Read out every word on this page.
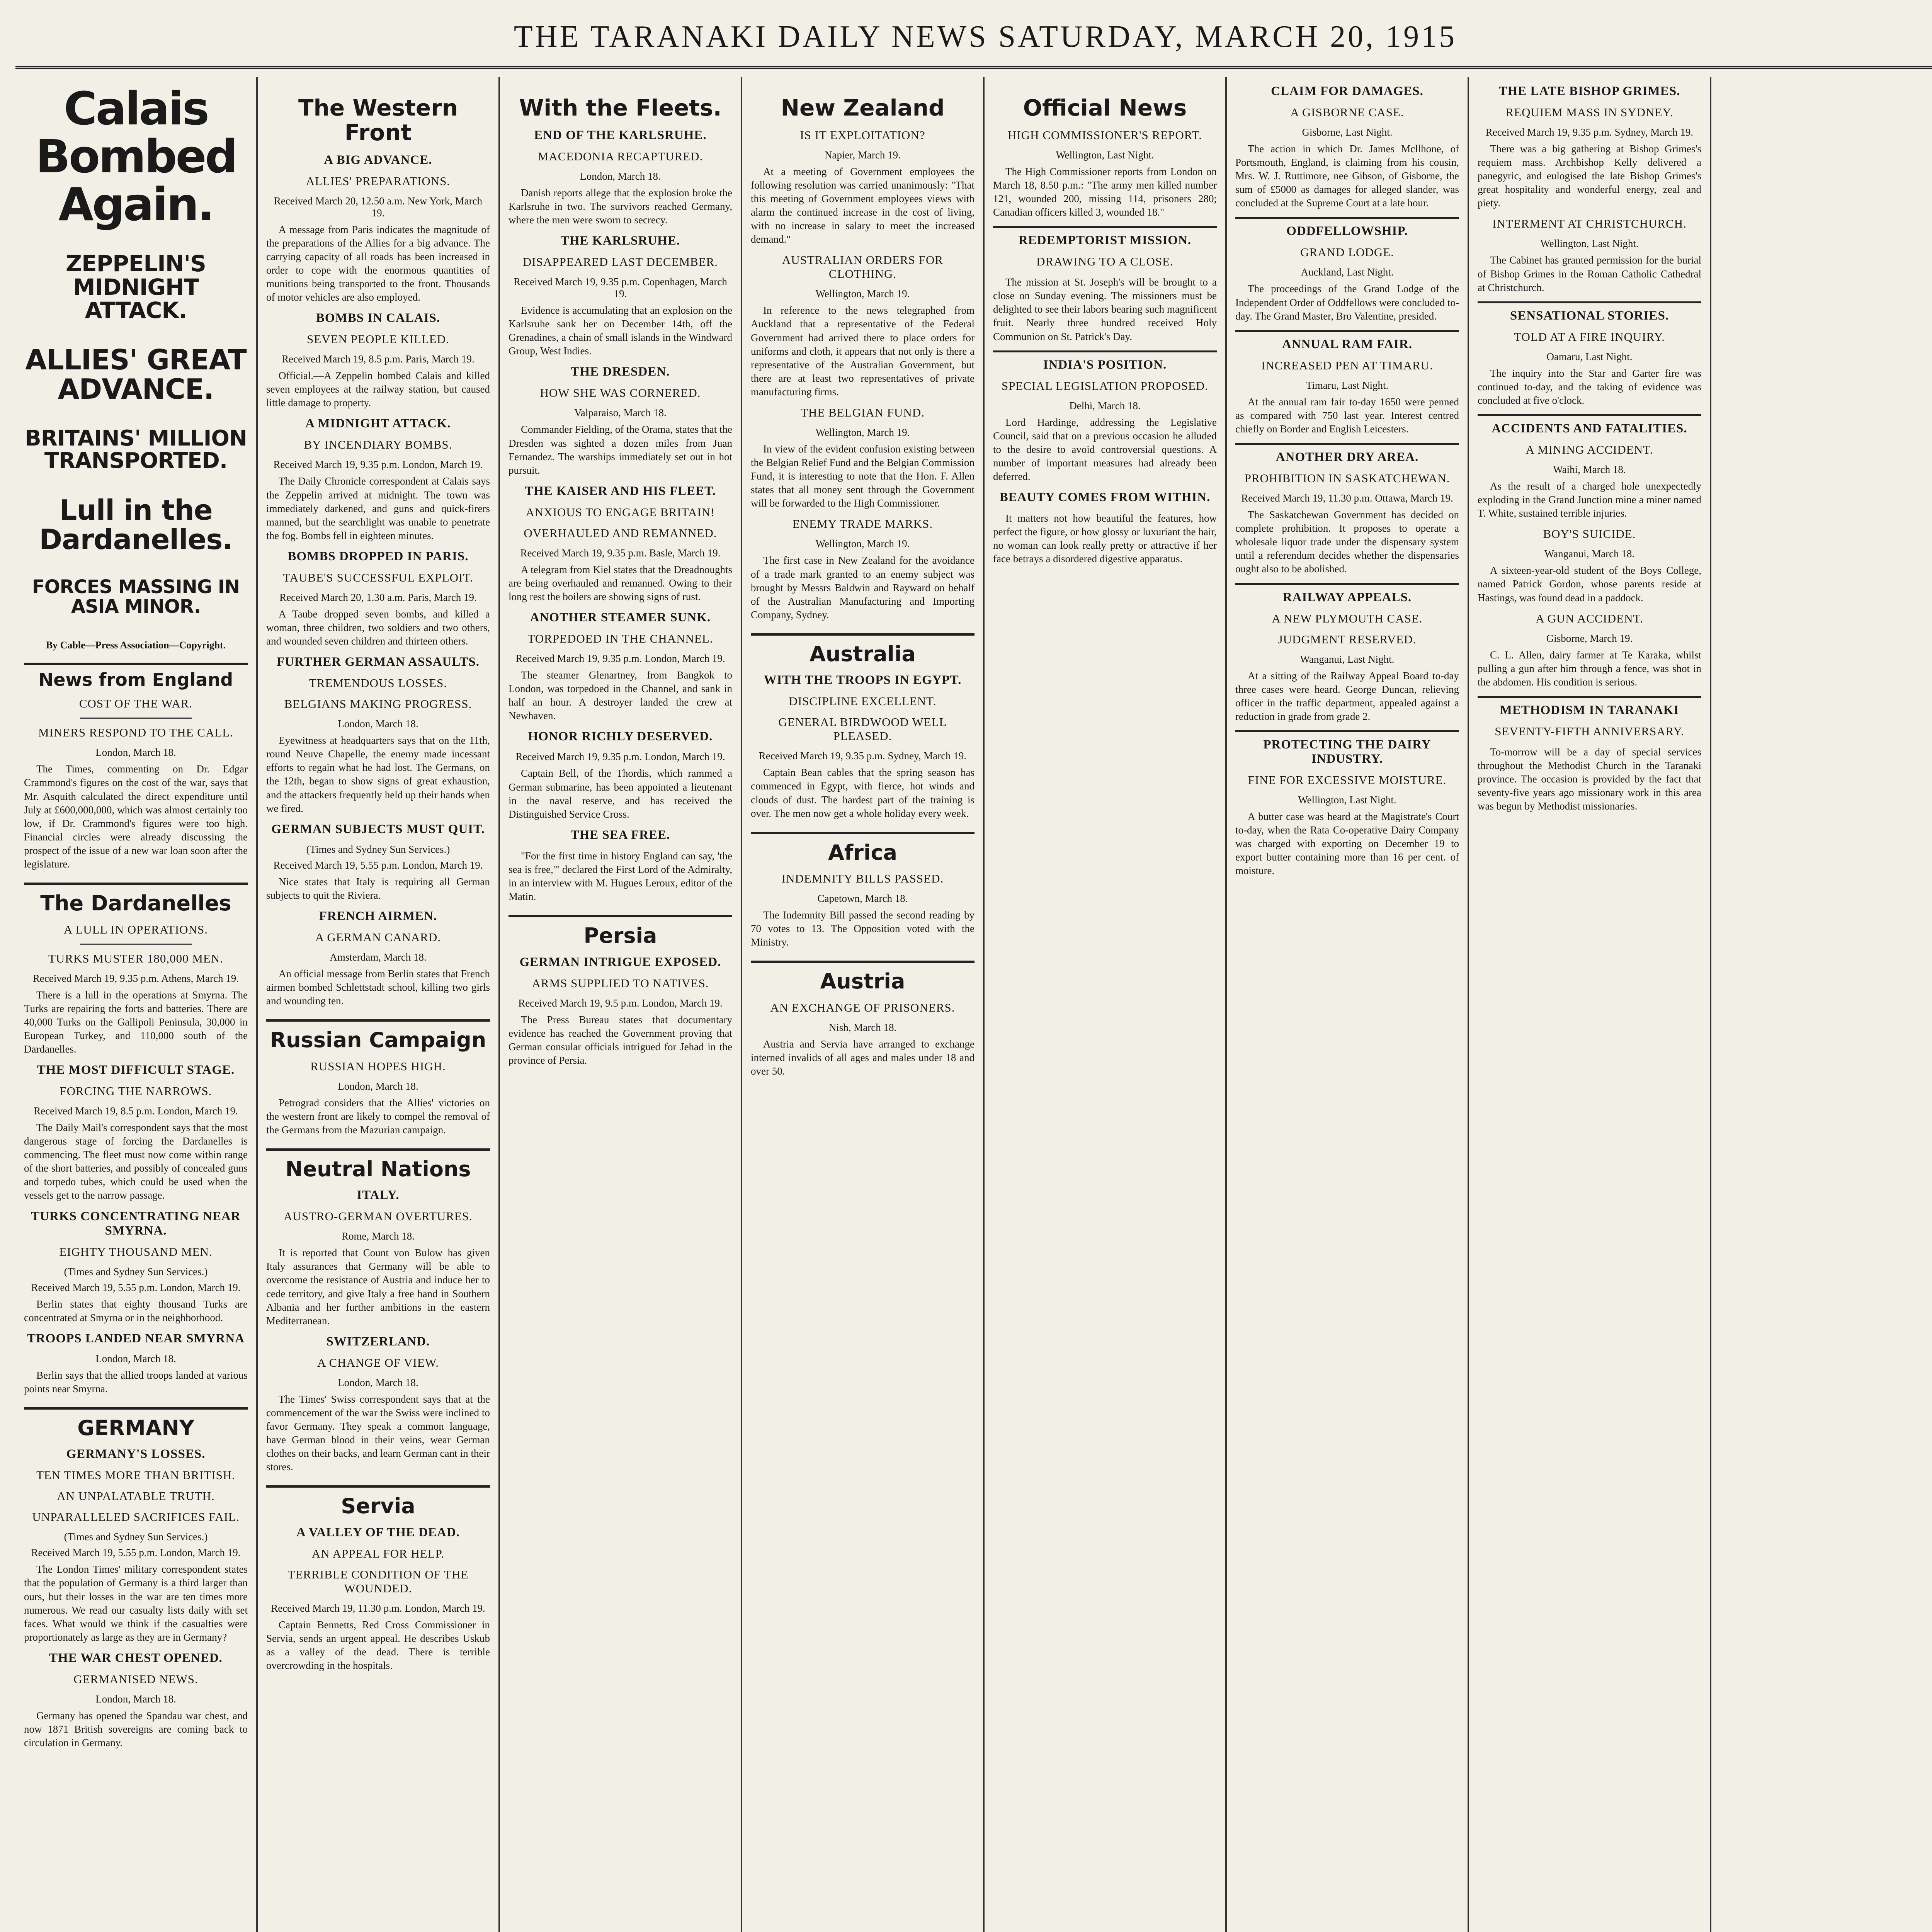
THE TARANAKI DAILY NEWS SATURDAY, MARCH 20, 1915
Calais Bombed Again.
ZEPPELIN'S MIDNIGHT ATTACK.
ALLIES' GREAT ADVANCE.
BRITAINS' MILLION TRANSPORTED.
Lull in the Dardanelles.
FORCES MASSING IN ASIA MINOR.
By Cable—Press Association—Copyright.
News from England
COST OF THE WAR.
MINERS RESPOND TO THE CALL.
London, March 18.

The Times, commenting on Dr. Edgar Crammond's figures on the cost of the war, says that Mr. Asquith calculated the direct expenditure until July at £600,000,000, which was almost certainly too low, if Dr. Crammond's figures were too high. Financial circles were already discussing the prospect of the issue of a new war loan soon after the legislature.

The Dardanelles
A LULL IN OPERATIONS.
TURKS MUSTER 180,000 MEN.
Received March 19, 9.35 p.m. Athens, March 19.

There is a lull in the operations at Smyrna. The Turks are repairing the forts and batteries. There are 40,000 Turks on the Gallipoli Peninsula, 30,000 in European Turkey, and 110,000 south of the Dardanelles.

THE MOST DIFFICULT STAGE.
FORCING THE NARROWS.
Received March 19, 8.5 p.m. London, March 19.

The Daily Mail's correspondent says that the most dangerous stage of forcing the Dardanelles is commencing. The fleet must now come within range of the short batteries, and possibly of concealed guns and torpedo tubes, which could be used when the vessels get to the narrow passage.

TURKS CONCENTRATING NEAR SMYRNA.
EIGHTY THOUSAND MEN.
(Times and Sydney Sun Services.)
Received March 19, 5.55 p.m. London, March 19.

Berlin states that eighty thousand Turks are concentrated at Smyrna or in the neighborhood.

TROOPS LANDED NEAR SMYRNA
London, March 18.

Berlin says that the allied troops landed at various points near Smyrna.

GERMANY
GERMANY'S LOSSES.
TEN TIMES MORE THAN BRITISH.
AN UNPALATABLE TRUTH.
UNPARALLELED SACRIFICES FAIL.
(Times and Sydney Sun Services.)
Received March 19, 5.55 p.m. London, March 19.

The London Times' military correspondent states that the population of Germany is a third larger than ours, but their losses in the war are ten times more numerous. We read our casualty lists daily with set faces. What would we think if the casualties were proportionately as large as they are in Germany?

THE WAR CHEST OPENED.
GERMANISED NEWS.
London, March 18.

Germany has opened the Spandau war chest, and now 1871 British sovereigns are coming back to circulation in Germany.

The Western Front
A BIG ADVANCE.
ALLIES' PREPARATIONS.
Received March 20, 12.50 a.m. New York, March 19.

A message from Paris indicates the magnitude of the preparations of the Allies for a big advance. The carrying capacity of all roads has been increased in order to cope with the enormous quantities of munitions being transported to the front. Thousands of motor vehicles are also employed.

BOMBS IN CALAIS.
SEVEN PEOPLE KILLED.
Received March 19, 8.5 p.m. Paris, March 19.

Official.—A Zeppelin bombed Calais and killed seven employees at the railway station, but caused little damage to property.

A MIDNIGHT ATTACK.
BY INCENDIARY BOMBS.
Received March 19, 9.35 p.m. London, March 19.

The Daily Chronicle correspondent at Calais says the Zeppelin arrived at midnight. The town was immediately darkened, and guns and quick-firers manned, but the searchlight was unable to penetrate the fog. Bombs fell in eighteen minutes.

BOMBS DROPPED IN PARIS.
TAUBE'S SUCCESSFUL EXPLOIT.
Received March 20, 1.30 a.m. Paris, March 19.

A Taube dropped seven bombs, and killed a woman, three children, two soldiers and two others, and wounded seven children and thirteen others.

FURTHER GERMAN ASSAULTS.
TREMENDOUS LOSSES.
BELGIANS MAKING PROGRESS.
London, March 18.

Eyewitness at headquarters says that on the 11th, round Neuve Chapelle, the enemy made incessant efforts to regain what he had lost. The Germans, on the 12th, began to show signs of great exhaustion, and the attackers frequently held up their hands when we fired.

GERMAN SUBJECTS MUST QUIT.
(Times and Sydney Sun Services.)
Received March 19, 5.55 p.m. London, March 19.

Nice states that Italy is requiring all German subjects to quit the Riviera.

FRENCH AIRMEN.
A GERMAN CANARD.
Amsterdam, March 18.

An official message from Berlin states that French airmen bombed Schlettstadt school, killing two girls and wounding ten.

Russian Campaign
RUSSIAN HOPES HIGH.
London, March 18.

Petrograd considers that the Allies' victories on the western front are likely to compel the removal of the Germans from the Mazurian campaign.

Neutral Nations
ITALY.
AUSTRO-GERMAN OVERTURES.
Rome, March 18.

It is reported that Count von Bulow has given Italy assurances that Germany will be able to overcome the resistance of Austria and induce her to cede territory, and give Italy a free hand in Southern Albania and her further ambitions in the eastern Mediterranean.

SWITZERLAND.
A CHANGE OF VIEW.
London, March 18.

The Times' Swiss correspondent says that at the commencement of the war the Swiss were inclined to favor Germany. They speak a common language, have German blood in their veins, wear German clothes on their backs, and learn German cant in their stores.

Servia
A VALLEY OF THE DEAD.
AN APPEAL FOR HELP.
TERRIBLE CONDITION OF THE WOUNDED.
Received March 19, 11.30 p.m. London, March 19.

Captain Bennetts, Red Cross Commissioner in Servia, sends an urgent appeal. He describes Uskub as a valley of the dead. There is terrible overcrowding in the hospitals.

With the Fleets.
END OF THE KARLSRUHE.
MACEDONIA RECAPTURED.
London, March 18.

Danish reports allege that the explosion broke the Karlsruhe in two. The survivors reached Germany, where the men were sworn to secrecy.

THE KARLSRUHE.
DISAPPEARED LAST DECEMBER.
Received March 19, 9.35 p.m. Copenhagen, March 19.

Evidence is accumulating that an explosion on the Karlsruhe sank her on December 14th, off the Grenadines, a chain of small islands in the Windward Group, West Indies.

THE DRESDEN.
HOW SHE WAS CORNERED.
Valparaiso, March 18.

Commander Fielding, of the Orama, states that the Dresden was sighted a dozen miles from Juan Fernandez. The warships immediately set out in hot pursuit.

THE KAISER AND HIS FLEET.
ANXIOUS TO ENGAGE BRITAIN!
OVERHAULED AND REMANNED.
Received March 19, 9.35 p.m. Basle, March 19.

A telegram from Kiel states that the Dreadnoughts are being overhauled and remanned. Owing to their long rest the boilers are showing signs of rust.

ANOTHER STEAMER SUNK.
TORPEDOED IN THE CHANNEL.
Received March 19, 9.35 p.m. London, March 19.

The steamer Glenartney, from Bangkok to London, was torpedoed in the Channel, and sank in half an hour. A destroyer landed the crew at Newhaven.

HONOR RICHLY DESERVED.
Received March 19, 9.35 p.m. London, March 19.

Captain Bell, of the Thordis, which rammed a German submarine, has been appointed a lieutenant in the naval reserve, and has received the Distinguished Service Cross.

THE SEA FREE.

"For the first time in history England can say, 'the sea is free,'" declared the First Lord of the Admiralty, in an interview with M. Hugues Leroux, editor of the Matin.

Persia
GERMAN INTRIGUE EXPOSED.
ARMS SUPPLIED TO NATIVES.
Received March 19, 9.5 p.m. London, March 19.

The Press Bureau states that documentary evidence has reached the Government proving that German consular officials intrigued for Jehad in the province of Persia.

New Zealand
IS IT EXPLOITATION?
Napier, March 19.

At a meeting of Government employees the following resolution was carried unanimously: "That this meeting of Government employees views with alarm the continued increase in the cost of living, with no increase in salary to meet the increased demand."

AUSTRALIAN ORDERS FOR CLOTHING.
Wellington, March 19.

In reference to the news telegraphed from Auckland that a representative of the Federal Government had arrived there to place orders for uniforms and cloth, it appears that not only is there a representative of the Australian Government, but there are at least two representatives of private manufacturing firms.

THE BELGIAN FUND.
Wellington, March 19.

In view of the evident confusion existing between the Belgian Relief Fund and the Belgian Commission Fund, it is interesting to note that the Hon. F. Allen states that all money sent through the Government will be forwarded to the High Commissioner.

ENEMY TRADE MARKS.
Wellington, March 19.

The first case in New Zealand for the avoidance of a trade mark granted to an enemy subject was brought by Messrs Baldwin and Rayward on behalf of the Australian Manufacturing and Importing Company, Sydney.

Australia
WITH THE TROOPS IN EGYPT.
DISCIPLINE EXCELLENT.
GENERAL BIRDWOOD WELL PLEASED.
Received March 19, 9.35 p.m. Sydney, March 19.

Captain Bean cables that the spring season has commenced in Egypt, with fierce, hot winds and clouds of dust. The hardest part of the training is over. The men now get a whole holiday every week.

Africa
INDEMNITY BILLS PASSED.
Capetown, March 18.

The Indemnity Bill passed the second reading by 70 votes to 13. The Opposition voted with the Ministry.

Austria
AN EXCHANGE OF PRISONERS.
Nish, March 18.

Austria and Servia have arranged to exchange interned invalids of all ages and males under 18 and over 50.

Official News
HIGH COMMISSIONER'S REPORT.
Wellington, Last Night.

The High Commissioner reports from London on March 18, 8.50 p.m.: "The army men killed number 121, wounded 200, missing 114, prisoners 280; Canadian officers killed 3, wounded 18."

REDEMPTORIST MISSION.
DRAWING TO A CLOSE.

The mission at St. Joseph's will be brought to a close on Sunday evening. The missioners must be delighted to see their labors bearing such magnificent fruit. Nearly three hundred received Holy Communion on St. Patrick's Day.

INDIA'S POSITION.
SPECIAL LEGISLATION PROPOSED.
Delhi, March 18.

Lord Hardinge, addressing the Legislative Council, said that on a previous occasion he alluded to the desire to avoid controversial questions. A number of important measures had already been deferred.

BEAUTY COMES FROM WITHIN.

It matters not how beautiful the features, how perfect the figure, or how glossy or luxuriant the hair, no woman can look really pretty or attractive if her face betrays a disordered digestive apparatus.

CLAIM FOR DAMAGES.
A GISBORNE CASE.
Gisborne, Last Night.

The action in which Dr. James Mcllhone, of Portsmouth, England, is claiming from his cousin, Mrs. W. J. Ruttimore, nee Gibson, of Gisborne, the sum of £5000 as damages for alleged slander, was concluded at the Supreme Court at a late hour.

ODDFELLOWSHIP.
GRAND LODGE.
Auckland, Last Night.

The proceedings of the Grand Lodge of the Independent Order of Oddfellows were concluded to-day. The Grand Master, Bro Valentine, presided.

ANNUAL RAM FAIR.
INCREASED PEN AT TIMARU.
Timaru, Last Night.

At the annual ram fair to-day 1650 were penned as compared with 750 last year. Interest centred chiefly on Border and English Leicesters.

ANOTHER DRY AREA.
PROHIBITION IN SASKATCHEWAN.
Received March 19, 11.30 p.m. Ottawa, March 19.

The Saskatchewan Government has decided on complete prohibition. It proposes to operate a wholesale liquor trade under the dispensary system until a referendum decides whether the dispensaries ought also to be abolished.

RAILWAY APPEALS.
A NEW PLYMOUTH CASE.
JUDGMENT RESERVED.
Wanganui, Last Night.

At a sitting of the Railway Appeal Board to-day three cases were heard. George Duncan, relieving officer in the traffic department, appealed against a reduction in grade from grade 2.

PROTECTING THE DAIRY INDUSTRY.
FINE FOR EXCESSIVE MOISTURE.
Wellington, Last Night.

A butter case was heard at the Magistrate's Court to-day, when the Rata Co-operative Dairy Company was charged with exporting on December 19 to export butter containing more than 16 per cent. of moisture.

THE LATE BISHOP GRIMES.
REQUIEM MASS IN SYDNEY.
Received March 19, 9.35 p.m. Sydney, March 19.

There was a big gathering at Bishop Grimes's requiem mass. Archbishop Kelly delivered a panegyric, and eulogised the late Bishop Grimes's great hospitality and wonderful energy, zeal and piety.

INTERMENT AT CHRISTCHURCH.
Wellington, Last Night.

The Cabinet has granted permission for the burial of Bishop Grimes in the Roman Catholic Cathedral at Christchurch.

SENSATIONAL STORIES.
TOLD AT A FIRE INQUIRY.
Oamaru, Last Night.

The inquiry into the Star and Garter fire was continued to-day, and the taking of evidence was concluded at five o'clock.

ACCIDENTS AND FATALITIES.
A MINING ACCIDENT.
Waihi, March 18.

As the result of a charged hole unexpectedly exploding in the Grand Junction mine a miner named T. White, sustained terrible injuries.

BOY'S SUICIDE.
Wanganui, March 18.

A sixteen-year-old student of the Boys College, named Patrick Gordon, whose parents reside at Hastings, was found dead in a paddock.

A GUN ACCIDENT.
Gisborne, March 19.

C. L. Allen, dairy farmer at Te Karaka, whilst pulling a gun after him through a fence, was shot in the abdomen. His condition is serious.

METHODISM IN TARANAKI
SEVENTY-FIFTH ANNIVERSARY.

To-morrow will be a day of special services throughout the Methodist Church in the Taranaki province. The occasion is provided by the fact that seventy-five years ago missionary work in this area was begun by Methodist missionaries.
